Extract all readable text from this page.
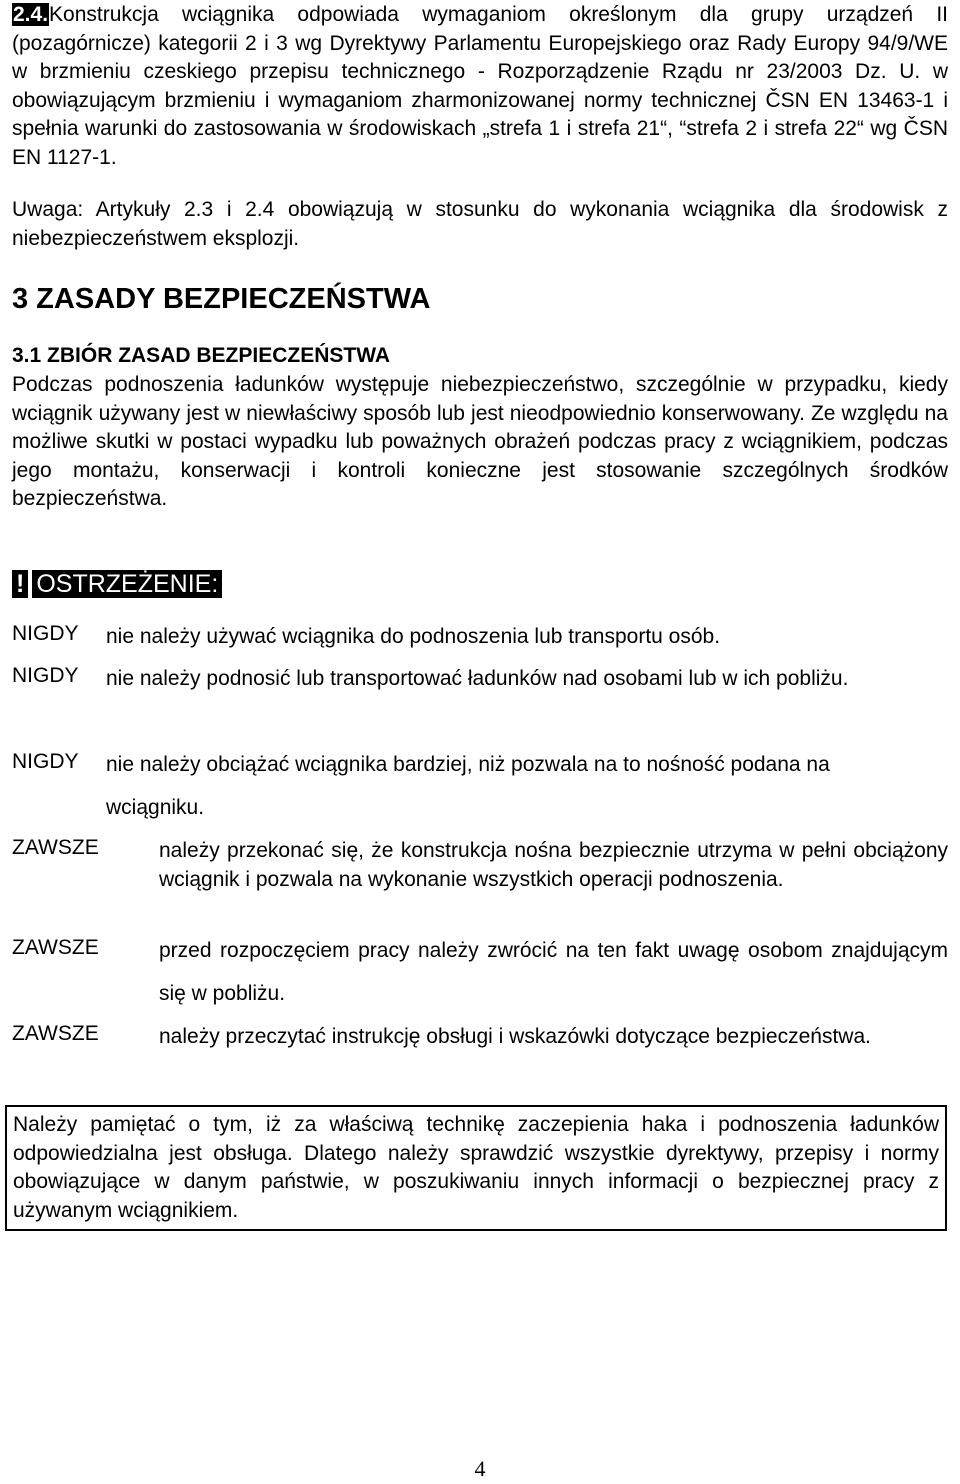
2.4.Konstrukcja wciągnika odpowiada wymaganiom określonym dla grupy urządzeń II (pozagórnicze) kategorii 2 i 3 wg Dyrektywy Parlamentu Europejskiego oraz Rady Europy 94/9/WE w brzmieniu czeskiego przepisu technicznego - Rozporządzenie Rządu nr 23/2003 Dz. U. w obowiązującym brzmieniu i wymaganiom zharmonizowanej normy technicznej ČSN EN 13463-1 i spełnia warunki do zastosowania w środowiskach „strefa 1 i strefa 21“, “strefa 2 i strefa 22“ wg ČSN EN 1127-1.

Uwaga: Artykuły 2.3 i 2.4 obowiązują w stosunku do wykonania wciągnika dla środowisk z niebezpieczeństwem eksplozji.

3 ZASADY BEZPIECZEŃSTWA
3.1 ZBIÓR ZASAD BEZPIECZEŃSTWA

Podczas podnoszenia ładunków występuje niebezpieczeństwo, szczególnie w przypadku, kiedy wciągnik używany jest w niewłaściwy sposób lub jest nieodpowiednio konserwowany. Ze względu na możliwe skutki w postaci wypadku lub poważnych obrażeń podczas pracy z wciągnikiem, podczas jego montażu, konserwacji i kontroli konieczne jest stosowanie szczególnych środków bezpieczeństwa.

! OSTRZEŻENIE:
NIGDY nie należy używać wciągnika do podnoszenia lub transportu osób.
NIGDY nie należy podnosić lub transportować ładunków nad osobami lub w ich pobliżu.
NIGDY nie należy obciążać wciągnika bardziej, niż pozwala na to nośność podana na wciągniku.
ZAWSZE	należy przekonać się, że konstrukcja nośna bezpiecznie utrzyma w pełni obciążony wciągnik i pozwala na wykonanie wszystkich operacji podnoszenia.
ZAWSZE	przed rozpoczęciem pracy należy zwrócić na ten fakt uwagę osobom znajdującym się w pobliżu.
ZAWSZE	należy przeczytać instrukcję obsługi i wskazówki dotyczące bezpieczeństwa.
Należy pamiętać o tym, iż za właściwą technikę zaczepienia haka i podnoszenia ładunków odpowiedzialna jest obsługa. Dlatego należy sprawdzić wszystkie dyrektywy, przepisy i normy obowiązujące w danym państwie, w poszukiwaniu innych informacji o bezpiecznej pracy z używanym wciągnikiem.
4
